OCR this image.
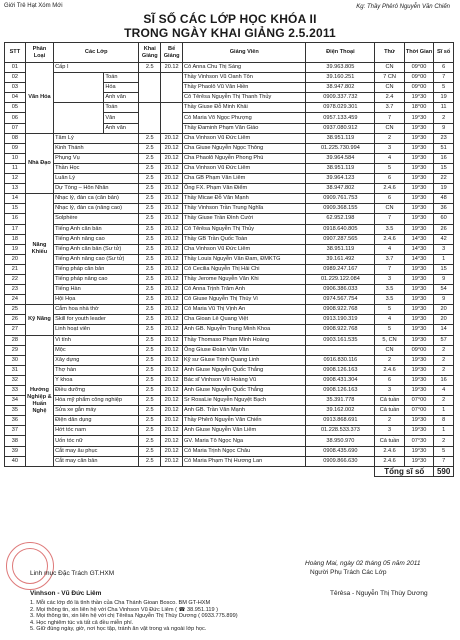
Giới Trẻ Hạt Xóm Mới	Kg: Thầy Phêrô Nguyễn Văn Chiến
SĨ SỐ CÁC LỚP HỌC KHÓA II
TRONG NGÀY KHAI GIẢNG 2.5.2011
STT	Phân Loại	Các Lớp		Khai Giảng	Bế Giảng	Giảng Viên	Điện Thoại	Thứ	Thời Gian	Sĩ số
01	Văn Hóa	Cấp I		2.5	20.12	Cô Anna Chu Thị Sáng	39.963.805	CN	09°00	6
02			Toán			Thầy Vinhson Vũ Oanh Tôn	39.160.251	7 CN	09°00	7
03			Hóa			Thầy Phaolô Vũ Văn Hiền	38.947.802	CN	09°00	5
04			Anh văn			Cô Têrêsa Nguyễn Thị Thanh Thủy	0909.337.732	2.4	19°30	19
05			Toán			Thầy Giuse Đỗ Minh Khải	0978.029.301	3.7	18°00	11
06			Văn			Cô Maria Võ Ngọc Phượng	0957.133.459	7	19°30	2
07			Anh văn			Thầy Đaminh Phạm Văn Giáo	0937.080.912	CN	19°30	9
08	Nhà Đạo	Tâm Lý		2.5	20.12	Cha Vinhson Vũ Đức Liêm	38.951.119	2	19°30	23
09		Kinh Thánh		2.5	20.12	Cha Giuse Nguyễn Ngọc Thông	01.225.730.994	3	19°30	51
10		Phụng Vụ		2.5	20.12	Cha Phaolô Nguyễn Phong Phú	39.964.584	4	19°30	16
11		Thần Học		2.5	20.12	Cha Vinhson Vũ Đức Liêm	38.951.119	5	19°30	15
12		Luân Lý		2.5	20.12	Cha GB Phạm Văn Liêm	39.964.123	6	19°30	22
13		Dự Tòng – Hôn Nhân		2.5	20.12	Ông FX. Phạm Văn Điểm	38.947.802	2.4.6	19°30	19
14	Năng Khiếu	Nhạc lý, đàn ca (căn bản)		2.5	20.12	Thầy Micae Đỗ Văn Mạnh	0909.761.753	6	19°30	48
15		Nhạc lý, đàn ca (nâng cao)		2.5	20.12	Thầy Vinhson Trần Trung Nghĩa	0909.368.155	CN	19°30	36
16		Solphère		2.5	20.12	Thầy Giuse Trần Đình Cười	62.952.198	7	19°30	60
17		Tiếng Anh căn bản		2.5	20.12	Cô Têrêsa Nguyễn Thị Thủy	0918.640.805	3.5	19°30	26
18		Tiếng Anh nâng cao		2.5	20.12	Thầy GB Trần Quốc Toàn	0907.287.565	2.4.6	14°30	42
19		Tiếng Anh căn bản (Sư tử)		2.5	20.12	Cha Vinhson Vũ Đức Liêm	38.951.119	4	14°30	3
20		Tiếng Anh nâng cao (Sư tử)		2.5	20.12	Thầy Louis Nguyễn Văn Đam, ĐMKTG	39.161.492	3.7	14°30	1
21		Tiếng pháp căn bản		2.5	20.12	Cô Cecilia Nguyễn Thị Hải Chi	0989.247.167	7	19°30	15
22		Tiếng pháp nâng cao		2.5	20.12	Thầy Jerome Nguyễn Văn Khi	01.229.122.084	3	19°30	9
23		Tiếng Hàn		2.5	20.12	Cô Anna Trịnh Trâm Anh	0906.386.033	3.5	19°30	54
24		Hội Họa		2.5	20.12	Cô Giuse Nguyễn Thị Thúy Vi	0974.567.754	3.5	19°30	9
25	Kỹ Năng	Cắm hoa nhà thờ		2.5	20.12	Cô Maria Vũ Thị Vịnh An	0908.922.768	5	19°30	20
26		Skill for youth leader		2.5	20.12	Cha Gioan Lê Quang Việt	0913.190.319	4	19°30	20
27		Linh hoạt viên		2.5	20.12	Anh GB. Nguyễn Trung Minh Khoa	0908.922.768	5	19°30	14
28	Hướng Nghiệp & Huấn Nghệ	Vi tính		2.5	20.12	Thầy Thomaso Phạm Minh Hoàng	0903.161.535	5, CN	19°30	57
29		Mộc		2.5	20.12	Ông Giuse Đoàn Văn Văn		CN	09°00	2
30		Xây dựng		2.5	20.12	Kỹ sư Giuse Trịnh Quang Linh	0916.830.116	2	19°30	2
31		Thợ hàn		2.5	20.12	Anh Giuse Nguyễn Quốc Thắng	0908.126.163	2.4.6	19°30	2
32		Y khoa		2.5	20.12	Bác sĩ Vinhson Vũ Hoàng Vũ	0908.431.304	6	19°30	16
33		Điều dưỡng		2.5	20.12	Anh Giuse Nguyễn Quốc Thắng	0908.126.163	3	19°30	4
34		Hóa mỹ phẩm công nghiệp		2.5	20.12	Sr RosaLie Nguyễn Nguyệt Bạch	35.391.778	Cả tuần	07°00	2
35		Sửa xe gắn máy		2.5	20.12	Anh GB. Trần Văn Mạnh	39.162.002	Cả tuần	07°00	1
36		Điện dân dụng		2.5	20.12	Thầy Phêrô Nguyễn Văn Chiến	0913.868.691	2	19°30	8
37		Hớt tóc nam		2.5	20.12	Anh Giuse Nguyễn Văn Liêm	01.228.533.373	3	19°30	1
38		Uốn tóc nữ		2.5	20.12	GV. Maria Tô Ngọc Nga	38.950.970	Cả tuần	07°30	2
39		Cắt may âu phục		2.5	20.12	Cô Maria Trịnh Ngọc Châu	0908.435.690	2.4.6	19°30	5
40		Cắt may căn bản		2.5	20.12	Cô Maria Phạm Thị Hương Lan	0909.866.630	2.4.6	19°30	7
								Tổng sĩ số		590
Hoàng Mai, ngày 02 tháng 05 năm 2011
Người Phụ Trách Các Lớp
Linh mục Đặc Trách GT.HXM
Vinhson - Vũ Đức Liêm	Têrêsa - Nguyễn Thị Thùy Dương
1. Mỗi các lớp đó là tình thần của Cha Thánh Gioan Bosco. BM GT-HXM
2. Mọi thông tin, xin liên hệ với Cha Vinhson Vũ Đức Liêm ( ☎ 38.951.119 )
3. Mọi thông tin, xin liên hệ với chị Têrêsa Nguyễn Thị Thùy Dương ( 0933.775.899)
4. Học nghiêm túc và tất cả đều miễn phí.
5. Giữ đúng ngày, giờ, nơi học tập, tránh ăn vặt trong và ngoài lớp học.
